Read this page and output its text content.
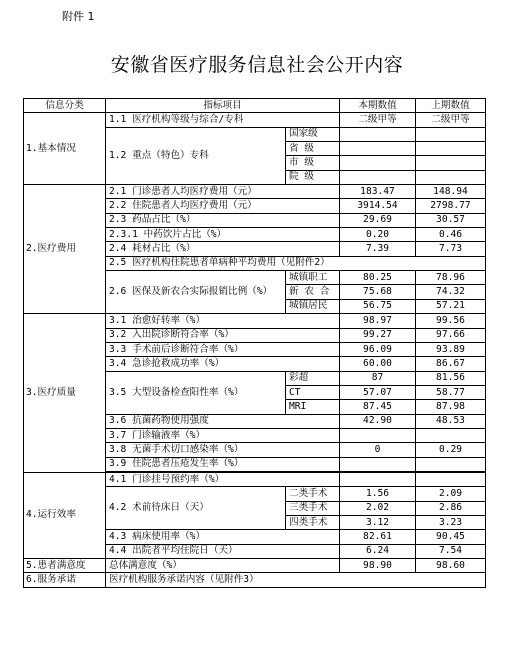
附件 1
安徽省医疗服务信息社会公开内容
信息分类	指标项目		本期数值	上期数值
1.基本情况	1.1 医疗机构等级与综合/专科		二级甲等	二级甲等
	1.2 重点（特色）专科	国家级		
		省 级		
		市 级		
		院 级		
2.医疗费用	2.1 门诊患者人均医疗费用（元）		183.47	148.94
	2.2 住院患者人均医疗费用（元）		3914.54	2798.77
	2.3 药品占比（%）		29.69	30.57
	2.3.1 中药饮片占比（%）		0.20	0.46
	2.4 耗材占比（%）		7.39	7.73
	2.5 医疗机构住院患者单病种平均费用（见附件2）			
	2.6 医保及新农合实际报销比例（%）	城镇职工	80.25	78.96
		新 农 合	75.68	74.32
		城镇居民	56.75	57.21
3.医疗质量	3.1 治愈好转率（%）		98.97	99.56
	3.2 入出院诊断符合率（%）		99.27	97.66
	3.3 手术前后诊断符合率（%）		96.09	93.89
	3.4 急诊抢救成功率（%）		60.00	86.67
	3.5 大型设备检查阳性率（%）	彩超	87	81.56
		CT	57.07	58.77
		MRI	87.45	87.98
	3.6 抗菌药物使用强度		42.90	48.53
	3.7 门诊输液率（%）			
	3.8 无菌手术切口感染率（%）		0	0.29
	3.9 住院患者压疮发生率（%）			

4.运行效率	4.1 门诊挂号预约率（%）			
	4.2 术前待床日（天）	二类手术	1.56	2.09
		三类手术	2.02	2.86
		四类手术	3.12	3.23
	4.3 病床使用率（%）		82.61	90.45
	4.4 出院者平均住院日（天）		6.24	7.54
5.患者满意度	总体满意度（%）		98.90	98.60
6.服务承诺	医疗机构服务承诺内容（见附件3）			
